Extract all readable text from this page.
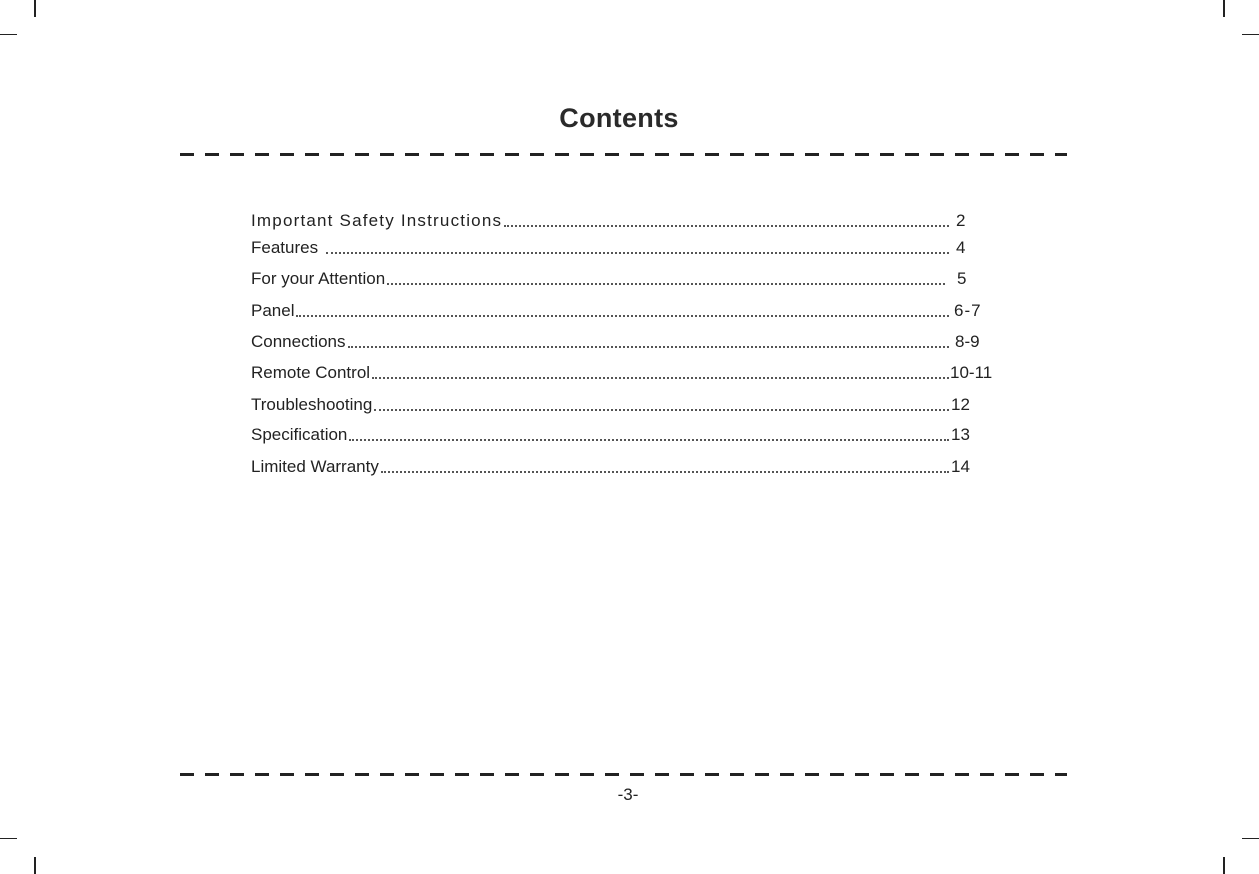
Contents
Important Safety Instructions	2
Features	4
For your Attention	5
Panel	6-7
Connections	8-9
Remote Control	10-11
Troubleshooting	12
Specification	13
Limited Warranty	14
-3-
